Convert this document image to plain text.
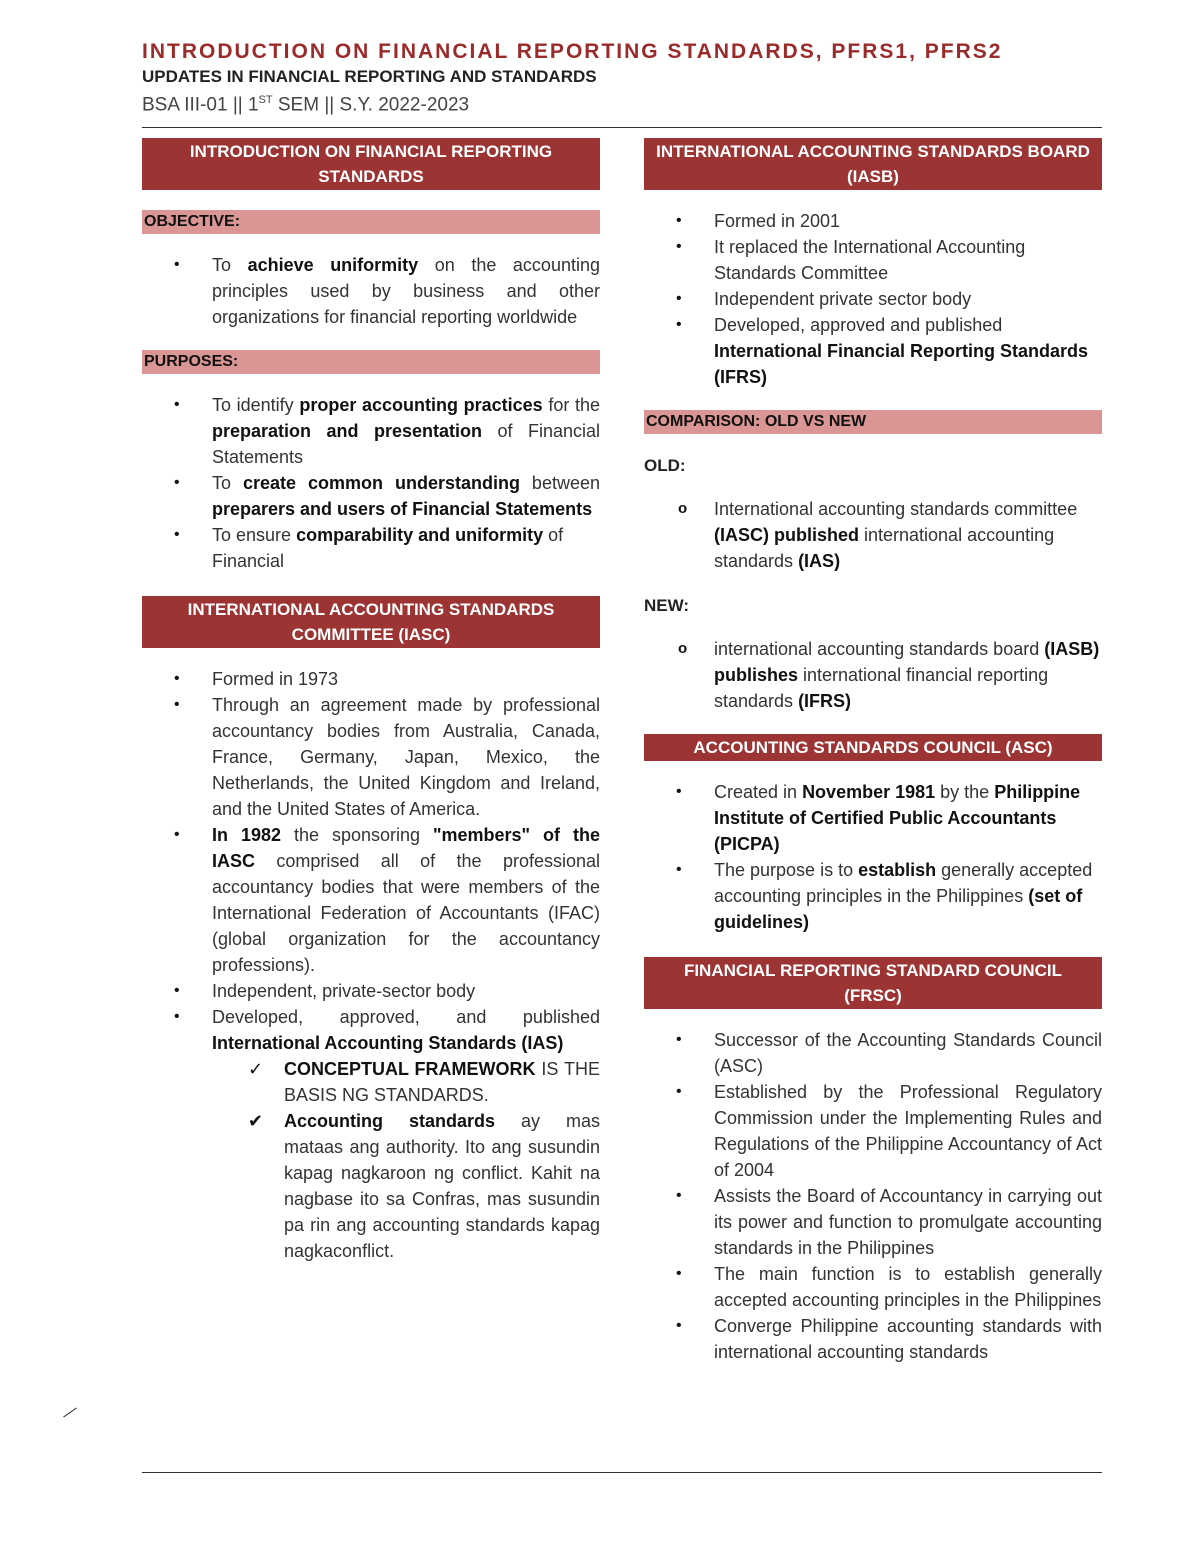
INTRODUCTION ON FINANCIAL REPORTING STANDARDS, PFRS1, PFRS2
UPDATES IN FINANCIAL REPORTING AND STANDARDS
BSA III-01 || 1ST SEM || S.Y. 2022-2023
INTRODUCTION ON FINANCIAL REPORTING STANDARDS
OBJECTIVE:
• To achieve uniformity on the accounting principles used by business and other organizations for financial reporting worldwide
PURPOSES:
• To identify proper accounting practices for the preparation and presentation of Financial Statements
• To create common understanding between preparers and users of Financial Statements
• To ensure comparability and uniformity of Financial
INTERNATIONAL ACCOUNTING STANDARDS COMMITTEE (IASC)
• Formed in 1973
• Through an agreement made by professional accountancy bodies from Australia, Canada, France, Germany, Japan, Mexico, the Netherlands, the United Kingdom and Ireland, and the United States of America.
• In 1982 the sponsoring "members" of the IASC comprised all of the professional accountancy bodies that were members of the International Federation of Accountants (IFAC) (global organization for the accountancy professions).
• Independent, private-sector body
• Developed, approved, and published International Accounting Standards (IAS)
✓ CONCEPTUAL FRAMEWORK IS THE BASIS NG STANDARDS.
✔ Accounting standards ay mas mataas ang authority. Ito ang susundin kapag nagkaroon ng conflict. Kahit na nagbase ito sa Confras, mas susundin pa rin ang accounting standards kapag nagkaconflict.
INTERNATIONAL ACCOUNTING STANDARDS BOARD (IASB)
• Formed in 2001
• It replaced the International Accounting Standards Committee
• Independent private sector body
• Developed, approved and published International Financial Reporting Standards (IFRS)
COMPARISON: OLD VS NEW
OLD:
o International accounting standards committee (IASC) published international accounting standards (IAS)
NEW:
o international accounting standards board (IASB) publishes international financial reporting standards (IFRS)
ACCOUNTING STANDARDS COUNCIL (ASC)
• Created in November 1981 by the Philippine Institute of Certified Public Accountants (PICPA)
• The purpose is to establish generally accepted accounting principles in the Philippines (set of guidelines)
FINANCIAL REPORTING STANDARD COUNCIL (FRSC)
• Successor of the Accounting Standards Council (ASC)
• Established by the Professional Regulatory Commission under the Implementing Rules and Regulations of the Philippine Accountancy of Act of 2004
• Assists the Board of Accountancy in carrying out its power and function to promulgate accounting standards in the Philippines
• The main function is to establish generally accepted accounting principles in the Philippines
• Converge Philippine accounting standards with international accounting standards
